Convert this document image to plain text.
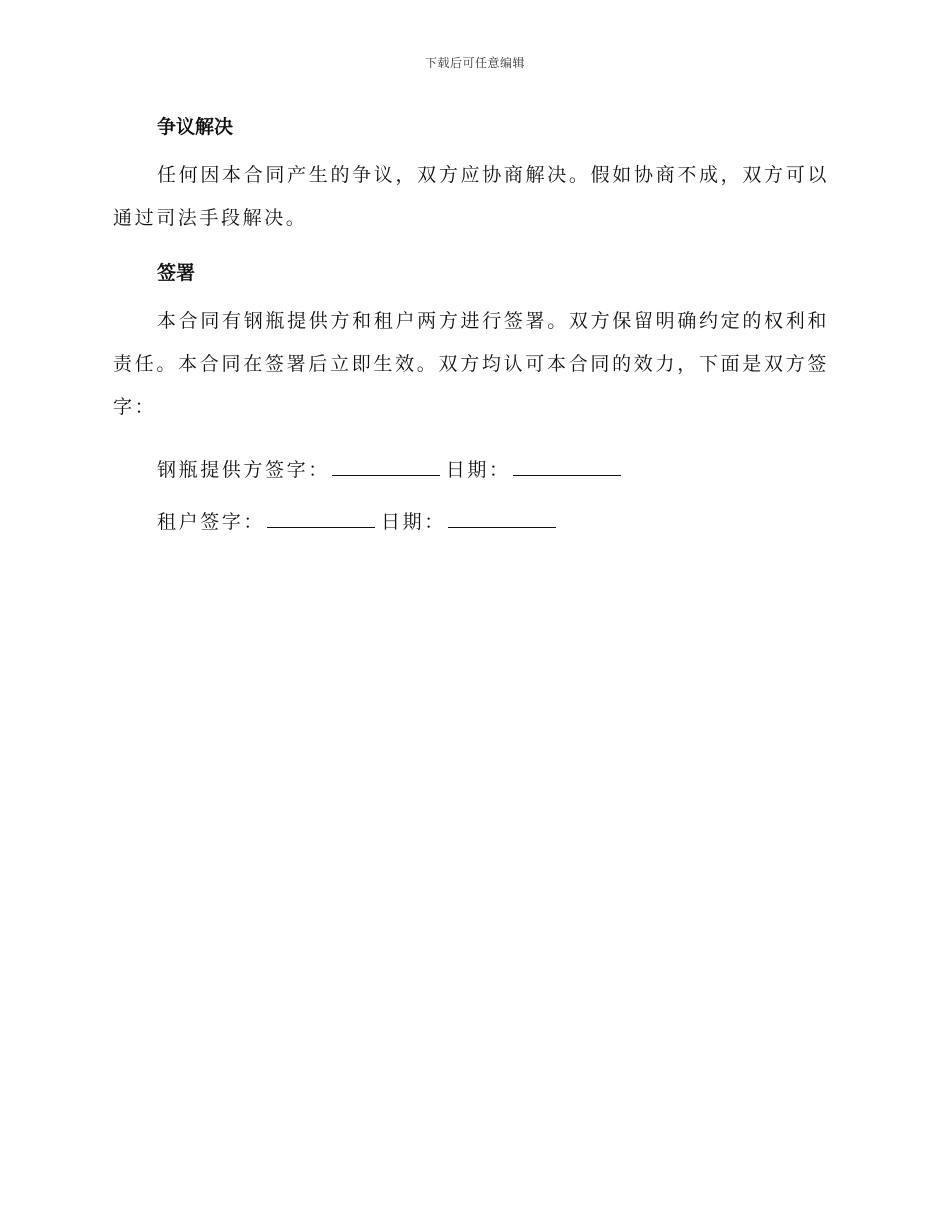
下载后可任意编辑
争议解决

任何因本合同产生的争议，双方应协商解决。假如协商不成，双方可以通过司法手段解决。

签署

本合同有钢瓶提供方和租户两方进行签署。双方保留明确约定的权利和责任。本合同在签署后立即生效。双方均认可本合同的效力，下面是双方签字：

钢瓶提供方签字：	日期：
租户签字：	日期：
